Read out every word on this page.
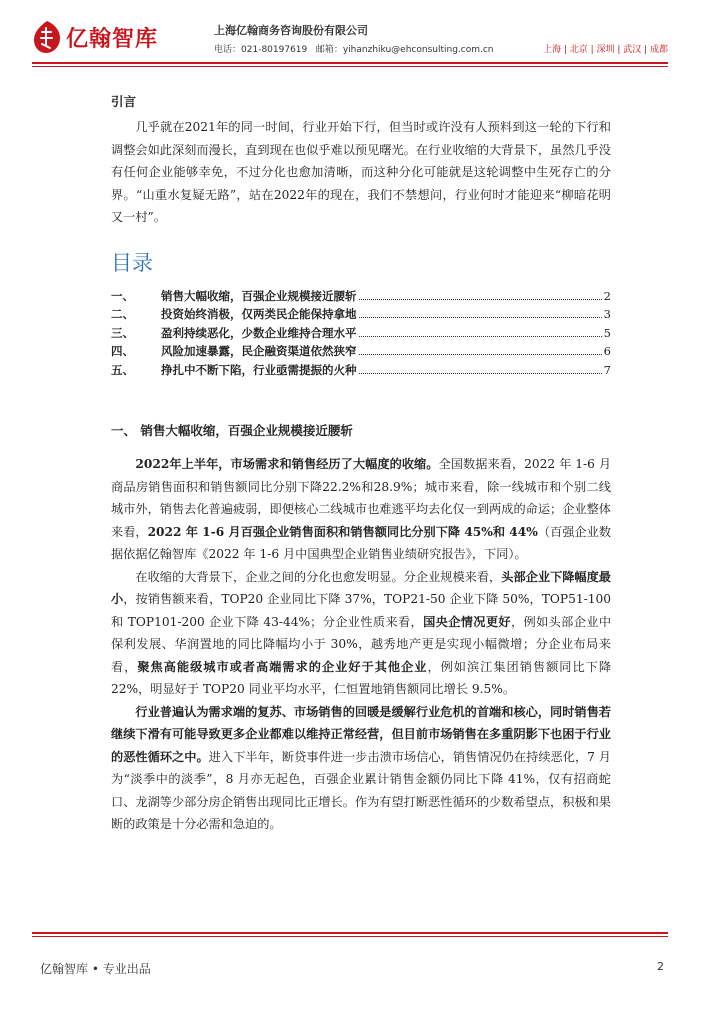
亿翰智库	上海亿翰商务咨询股份有限公司
电话：021-80197619 邮箱：yihanzhiku@ehconsulting.com.cn	上海 | 北京 | 深圳 | 武汉 | 成都
引言

几乎就在2021年的同一时间，行业开始下行，但当时或许没有人预料到这一轮的下行和调整会如此深刻而漫长，直到现在也似乎难以预见曙光。在行业收缩的大背景下，虽然几乎没有任何企业能够幸免，不过分化也愈加清晰，而这种分化可能就是这轮调整中生死存亡的分界。“山重水复疑无路”，站在2022年的现在，我们不禁想问，行业何时才能迎来“柳暗花明又一村”。

目录
一、	销售大幅收缩，百强企业规模接近腰斩	2
二、	投资始终消极，仅两类民企能保持拿地	3
三、	盈利持续恶化，少数企业维持合理水平	5
四、	风险加速暴露，民企融资渠道依然狭窄	6
五、	挣扎中不断下陷，行业亟需提振的火种	7
一、 销售大幅收缩，百强企业规模接近腰斩

2022年上半年，市场需求和销售经历了大幅度的收缩。全国数据来看，2022 年 1-6 月商品房销售面积和销售额同比分别下降22.2%和28.9%；城市来看，除一线城市和个别二线城市外，销售去化普遍疲弱，即便核心二线城市也难逃平均去化仅一到两成的命运；企业整体来看，2022 年 1-6 月百强企业销售面积和销售额同比分别下降 45%和 44%（百强企业数据依据亿翰智库《2022 年 1-6 月中国典型企业销售业绩研究报告》，下同）。

在收缩的大背景下，企业之间的分化也愈发明显。分企业规模来看，头部企业下降幅度最小，按销售额来看，TOP20 企业同比下降 37%，TOP21-50 企业下降 50%，TOP51-100 和 TOP101-200 企业下降 43-44%；分企业性质来看，国央企情况更好，例如头部企业中保利发展、华润置地的同比降幅均小于 30%，越秀地产更是实现小幅微增；分企业布局来看，聚焦高能级城市或者高端需求的企业好于其他企业，例如滨江集团销售额同比下降 22%，明显好于 TOP20 同业平均水平，仁恒置地销售额同比增长 9.5%。

行业普遍认为需求端的复苏、市场销售的回暖是缓解行业危机的首端和核心，同时销售若继续下滑有可能导致更多企业都难以维持正常经营，但目前市场销售在多重阴影下也困于行业的恶性循环之中。进入下半年，断贷事件进一步击溃市场信心，销售情况仍在持续恶化，7 月为“淡季中的淡季”，8 月亦无起色，百强企业累计销售金额仍同比下降 41%，仅有招商蛇口、龙湖等少部分房企销售出现同比正增长。作为有望打断恶性循环的少数希望点，积极和果断的政策是十分必需和急迫的。

亿翰智库 • 专业出品	2
